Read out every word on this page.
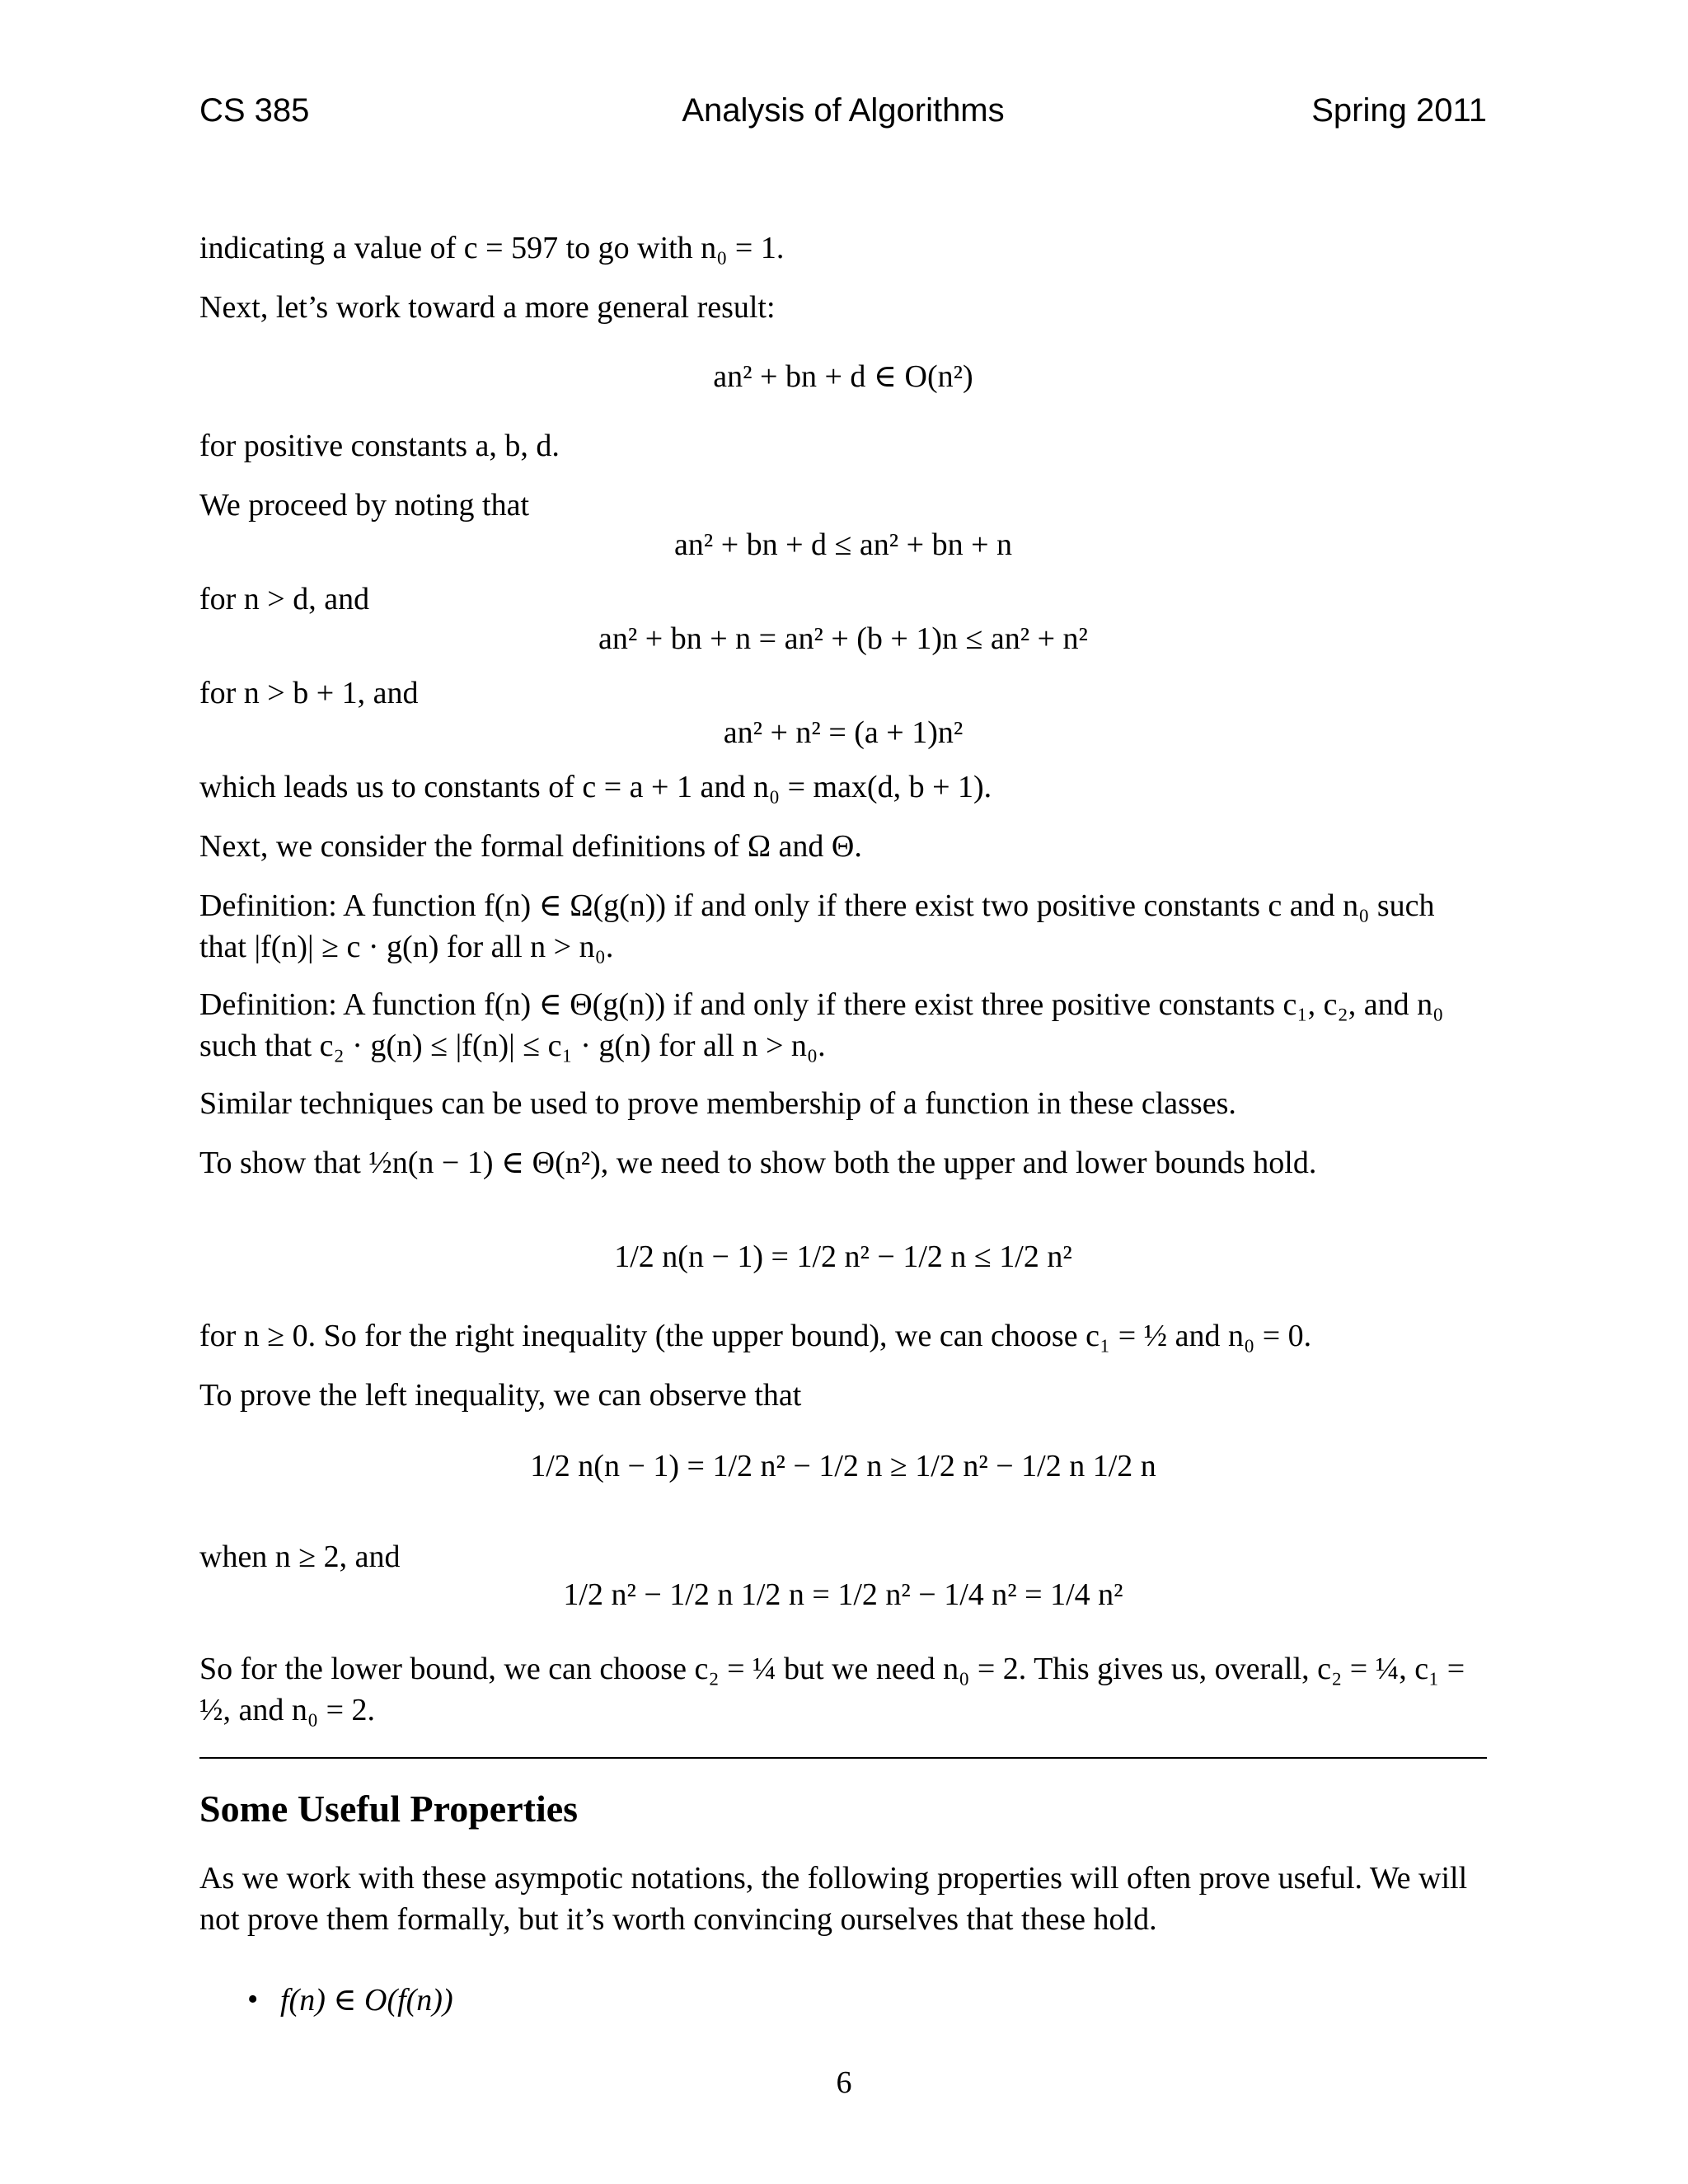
CS 385	Analysis of Algorithms	Spring 2011
indicating a value of c = 597 to go with n₀ = 1.
Next, let’s work toward a more general result:
an² + bn + d ∈ O(n²)
for positive constants a, b, d.
We proceed by noting that
an² + bn + d ≤ an² + bn + n
for n > d, and
an² + bn + n = an² + (b + 1)n ≤ an² + n²
for n > b + 1, and
an² + n² = (a + 1)n²
which leads us to constants of c = a + 1 and n₀ = max(d, b + 1).
Next, we consider the formal definitions of Ω and Θ.
Definition: A function f(n) ∈ Ω(g(n)) if and only if there exist two positive constants c and n₀ such that |f(n)| ≥ c · g(n) for all n > n₀.
Definition: A function f(n) ∈ Θ(g(n)) if and only if there exist three positive constants c₁, c₂, and n₀ such that c₂ · g(n) ≤ |f(n)| ≤ c₁ · g(n) for all n > n₀.
Similar techniques can be used to prove membership of a function in these classes.
To show that ½n(n − 1) ∈ Θ(n²), we need to show both the upper and lower bounds hold.
1/2 n(n − 1) = 1/2 n² − 1/2 n ≤ 1/2 n²
for n ≥ 0. So for the right inequality (the upper bound), we can choose c₁ = ½ and n₀ = 0.
To prove the left inequality, we can observe that
1/2 n(n − 1) = 1/2 n² − 1/2 n ≥ 1/2 n² − 1/2 n 1/2 n
when n ≥ 2, and
1/2 n² − 1/2 n 1/2 n = 1/2 n² − 1/4 n² = 1/4 n²
So for the lower bound, we can choose c₂ = ¼ but we need n₀ = 2. This gives us, overall, c₂ = ¼, c₁ = ½, and n₀ = 2.
Some Useful Properties
As we work with these asympotic notations, the following properties will often prove useful. We will not prove them formally, but it’s worth convincing ourselves that these hold.
• f(n) ∈ O(f(n))
6
